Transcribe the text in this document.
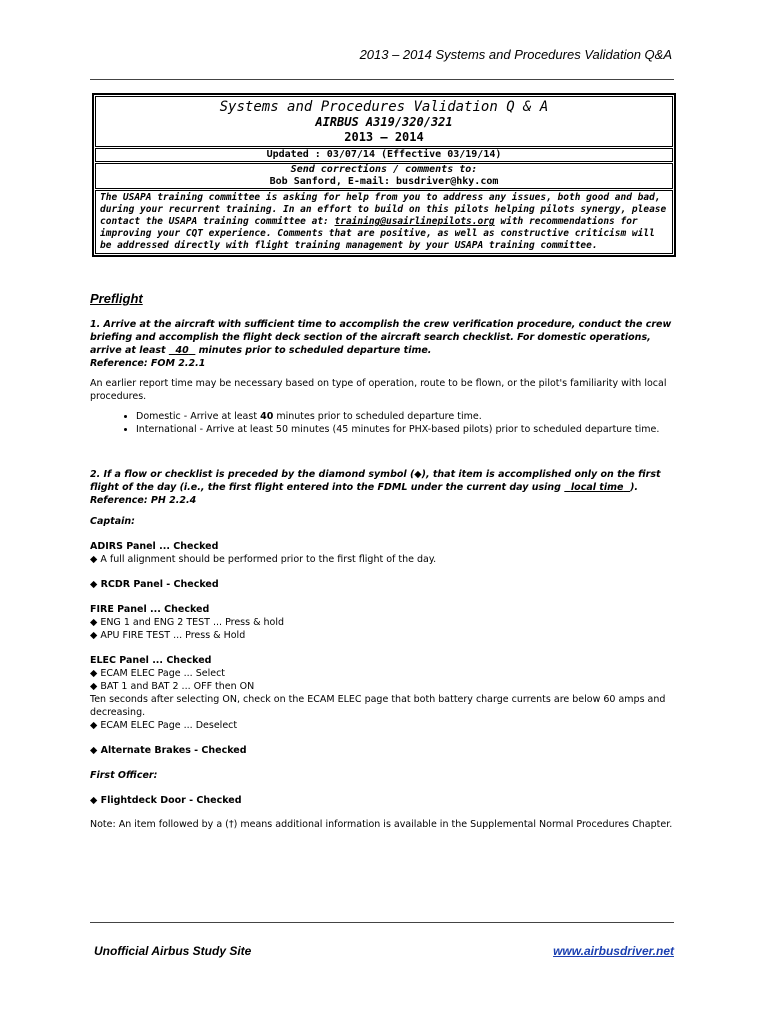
2013 – 2014 Systems and Procedures Validation Q&A
Systems and Procedures Validation Q & A
AIRBUS A319/320/321
2013 – 2014
Updated : 03/07/14 (Effective 03/19/14)
Send corrections / comments to:
Bob Sanford, E-mail: busdriver@hky.com
The USAPA training committee is asking for help from you to address any issues, both good and bad, during your recurrent training. In an effort to build on this pilots helping pilots synergy, please contact the USAPA training committee at: training@usairlinepilots.org with recommendations for improving your CQT experience. Comments that are positive, as well as constructive criticism will be addressed directly with flight training management by your USAPA training committee.
Preflight

1. Arrive at the aircraft with sufficient time to accomplish the crew verification procedure, conduct the crew briefing and accomplish the flight deck section of the aircraft search checklist. For domestic operations, arrive at least   40   minutes prior to scheduled departure time.

Reference: FOM 2.2.1

An earlier report time may be necessary based on type of operation, route to be flown, or the pilot's familiarity with local procedures.

• Domestic - Arrive at least 40 minutes prior to scheduled departure time.
• International - Arrive at least 50 minutes (45 minutes for PHX-based pilots) prior to scheduled departure time.

2. If a flow or checklist is preceded by the diamond symbol (◆), that item is accomplished only on the first flight of the day (i.e., the first flight entered into the FDML under the current day using   local time ).

Reference: PH 2.2.4

Captain:

ADIRS Panel ... Checked

◆ A full alignment should be performed prior to the first flight of the day.

◆ RCDR Panel - Checked

FIRE Panel ... Checked

◆ ENG 1 and ENG 2 TEST ... Press & hold

◆ APU FIRE TEST ... Press & Hold

ELEC Panel ... Checked

◆ ECAM ELEC Page ... Select

◆ BAT 1 and BAT 2 ... OFF then ON

Ten seconds after selecting ON, check on the ECAM ELEC page that both battery charge currents are below 60 amps and decreasing.

◆ ECAM ELEC Page ... Deselect

◆ Alternate Brakes - Checked

First Officer:

◆ Flightdeck Door - Checked

Note: An item followed by a (†) means additional information is available in the Supplemental Normal Procedures Chapter.

Unofficial Airbus Study Site	www.airbusdriver.net
